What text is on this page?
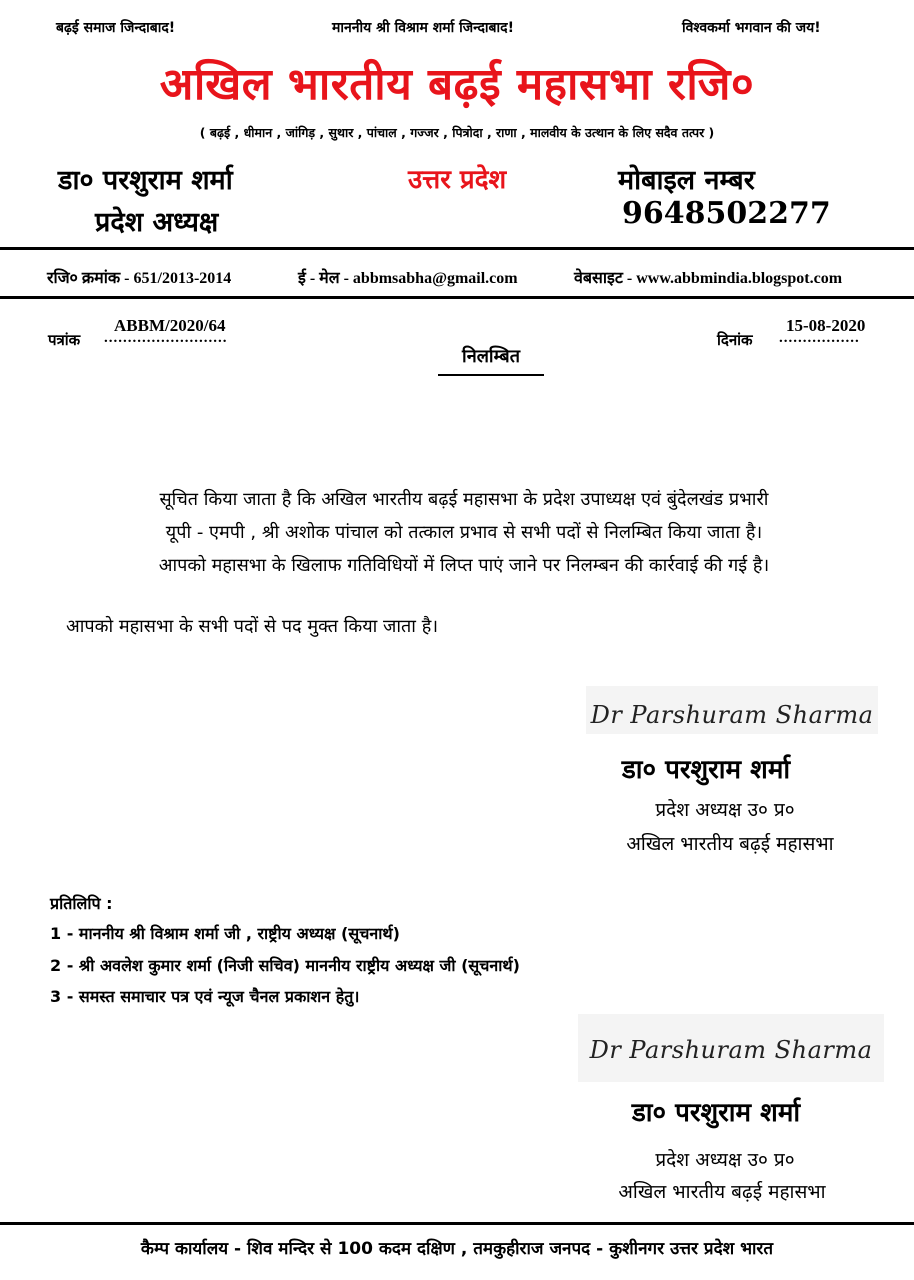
बढ़ई समाज जिन्दाबाद!	माननीय श्री विश्राम शर्मा जिन्दाबाद!	विश्वकर्मा भगवान की जय!
अखिल भारतीय बढ़ई महासभा रजि०
( बढ़ई , धीमान , जांगिड़ , सुथार , पांचाल , गज्जर , पित्रोदा , राणा , मालवीय के उत्थान के लिए सदैव तत्पर )
डा० परशुराम शर्मा
प्रदेश अध्यक्ष
उत्तर प्रदेश	मोबाइल नम्बर
9648502277
रजि० क्रमांक - 651/2013-2014	ई - मेल - abbmsabha@gmail.com	वेबसाइट - www.abbmindia.blogspot.com
पत्रांक ..........................
ABBM/2020/64
दिनांक .................
15-08-2020
निलम्बित

सूचित किया जाता है कि अखिल भारतीय बढ़ई महासभा के प्रदेश उपाध्यक्ष एवं बुंदेलखंड प्रभारी

यूपी - एमपी , श्री अशोक पांचाल को तत्काल प्रभाव से सभी पदों से निलम्बित किया जाता है।

आपको महासभा के खिलाफ गतिविधियों में लिप्त पाएं जाने पर निलम्बन की कार्रवाई की गई है।

आपको महासभा के सभी पदों से पद मुक्त किया जाता है।
Dr Parshuram Sharma
डा० परशुराम शर्मा
प्रदेश अध्यक्ष उ० प्र०
अखिल भारतीय बढ़ई महासभा
प्रतिलिपि :
1 - माननीय श्री विश्राम शर्मा जी , राष्ट्रीय अध्यक्ष (सूचनार्थ)
2 - श्री अवलेश कुमार शर्मा (निजी सचिव) माननीय राष्ट्रीय अध्यक्ष जी (सूचनार्थ)
3 - समस्त समाचार पत्र एवं न्यूज चैनल प्रकाशन हेतु।
Dr Parshuram Sharma
डा० परशुराम शर्मा
प्रदेश अध्यक्ष उ० प्र०
अखिल भारतीय बढ़ई महासभा
कैम्प कार्यालय - शिव मन्दिर से 100 कदम दक्षिण , तमकुहीराज जनपद - कुशीनगर उत्तर प्रदेश भारत
